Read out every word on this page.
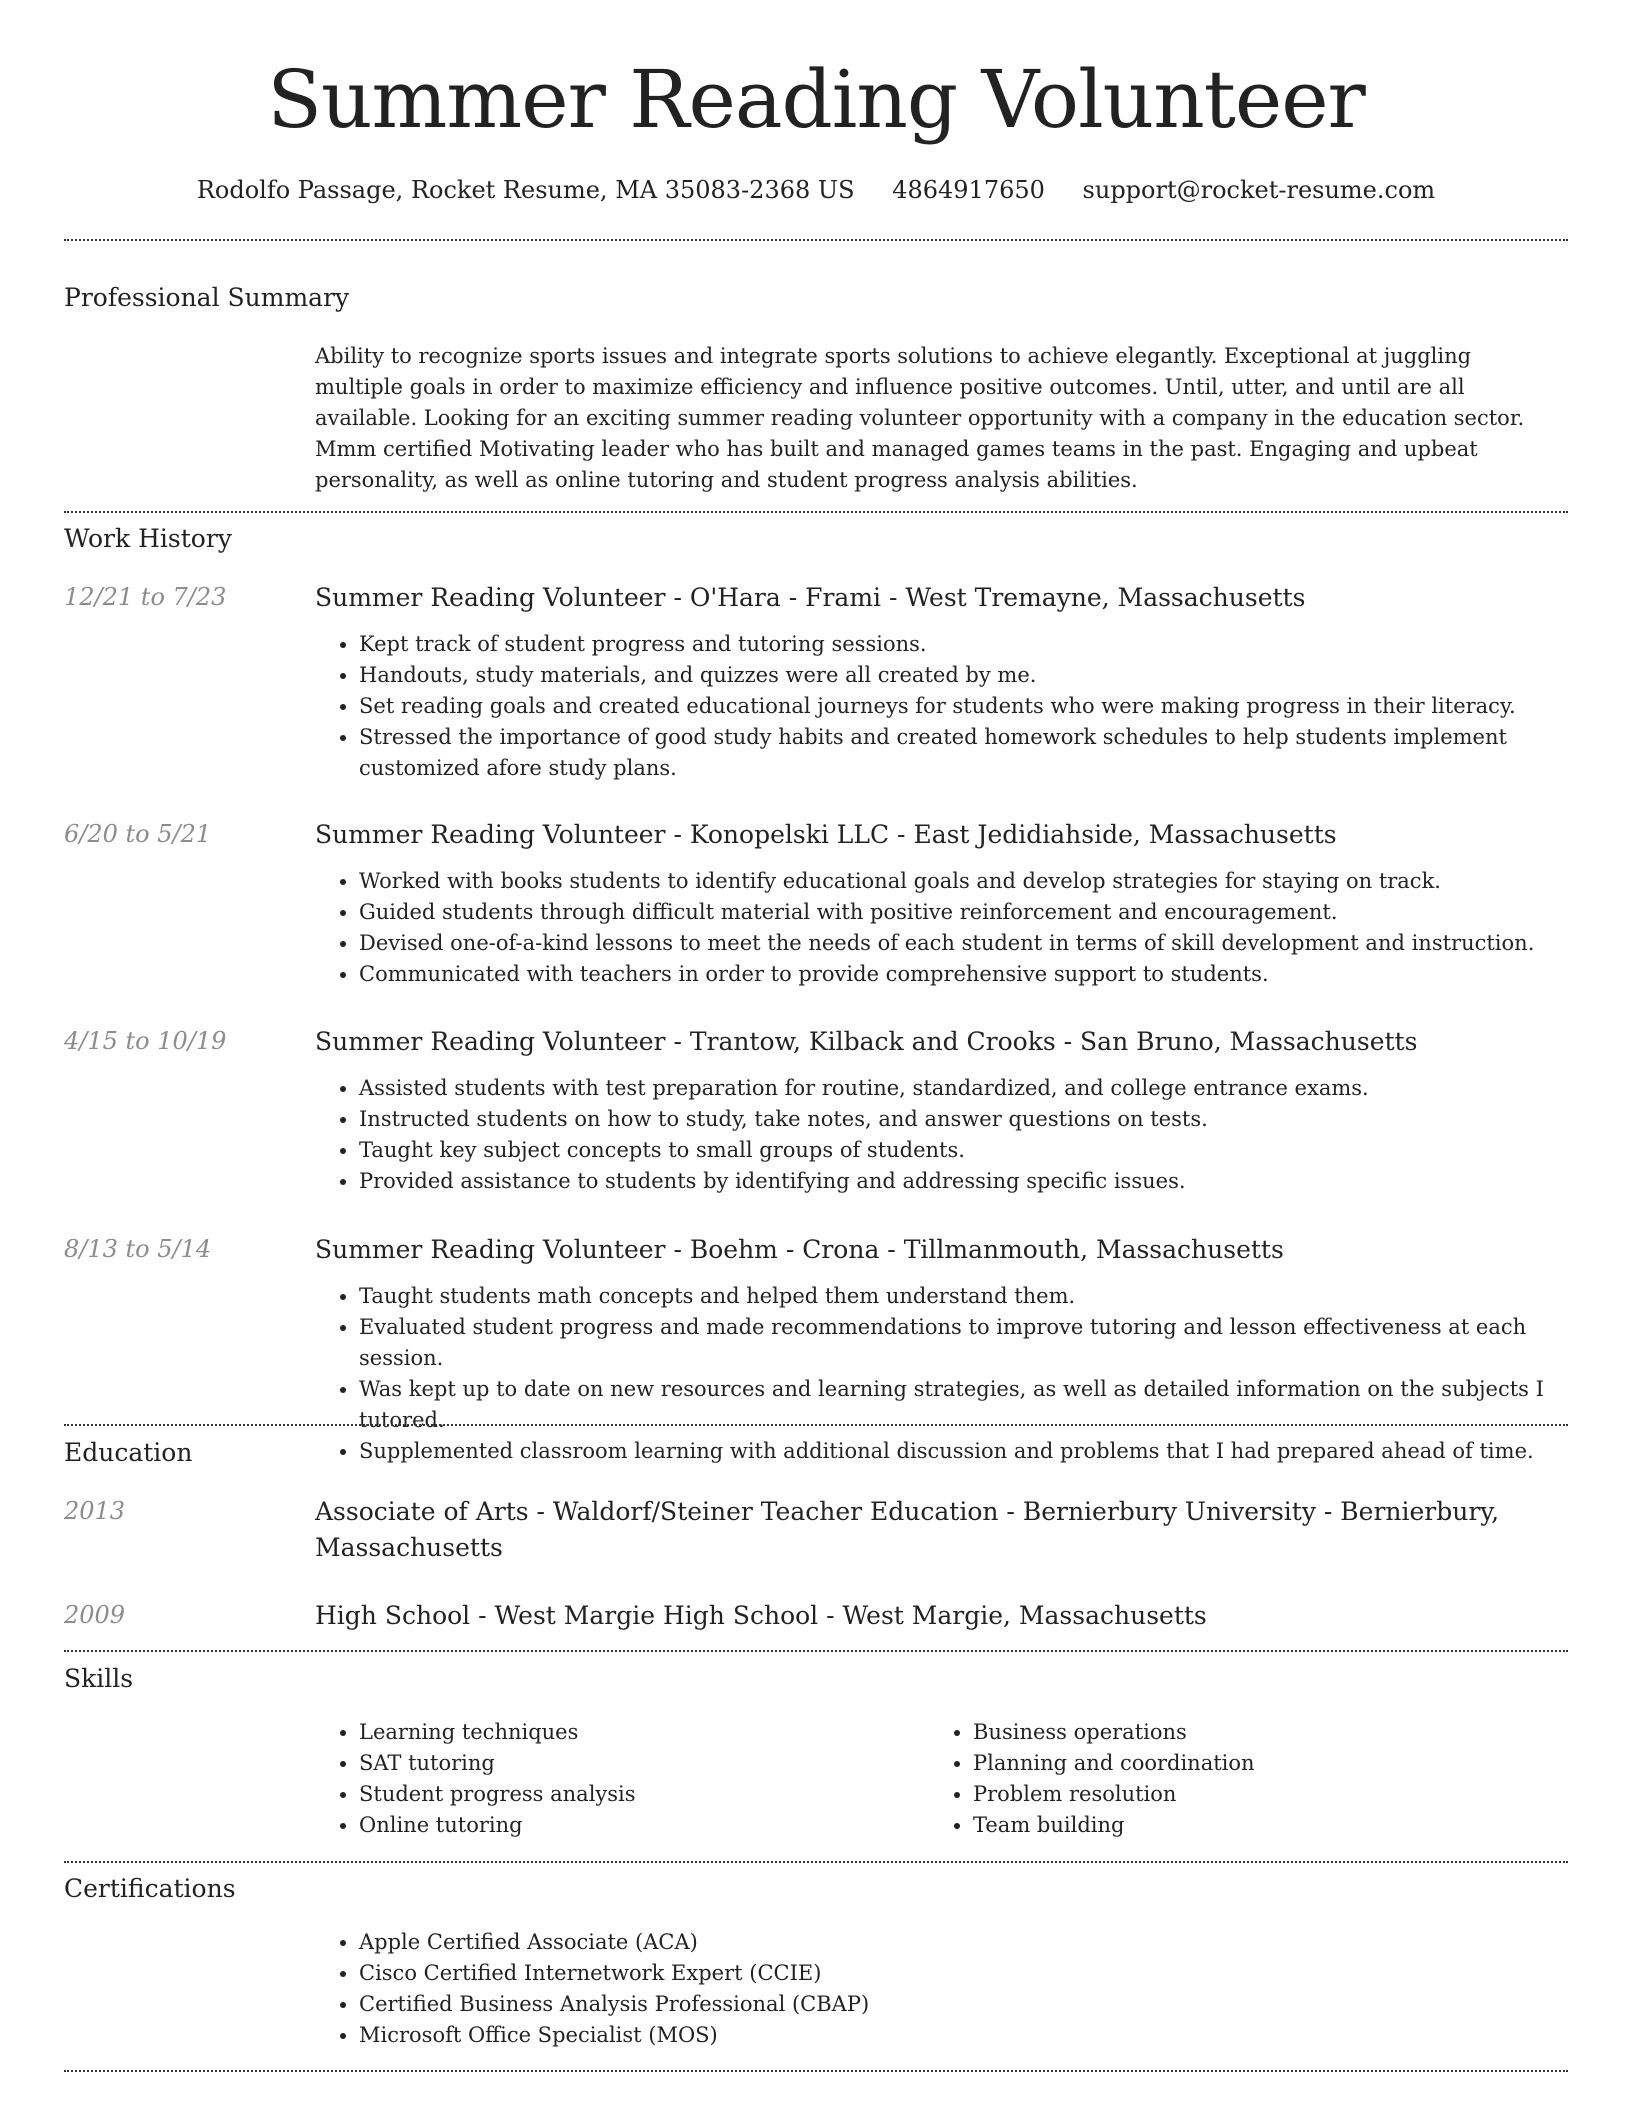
Summer Reading Volunteer
Rodolfo Passage, Rocket Resume, MA 35083-2368 US 4864917650 support@rocket-resume.com
Professional Summary

Ability to recognize sports issues and integrate sports solutions to achieve elegantly. Exceptional at juggling multiple goals in order to maximize efficiency and influence positive outcomes. Until, utter, and until are all available. Looking for an exciting summer reading volunteer opportunity with a company in the education sector. Mmm certified Motivating leader who has built and managed games teams in the past. Engaging and upbeat personality, as well as online tutoring and student progress analysis abilities.

Work History
12/21 to 7/23	Summer Reading Volunteer - O'Hara - Frami - West Tremayne, Massachusetts
• Kept track of student progress and tutoring sessions.
• Handouts, study materials, and quizzes were all created by me.
• Set reading goals and created educational journeys for students who were making progress in their literacy.
• Stressed the importance of good study habits and created homework schedules to help students implement customized afore study plans.
6/20 to 5/21	Summer Reading Volunteer - Konopelski LLC - East Jedidiahside, Massachusetts
• Worked with books students to identify educational goals and develop strategies for staying on track.
• Guided students through difficult material with positive reinforcement and encouragement.
• Devised one-of-a-kind lessons to meet the needs of each student in terms of skill development and instruction.
• Communicated with teachers in order to provide comprehensive support to students.
4/15 to 10/19	Summer Reading Volunteer - Trantow, Kilback and Crooks - San Bruno, Massachusetts
• Assisted students with test preparation for routine, standardized, and college entrance exams.
• Instructed students on how to study, take notes, and answer questions on tests.
• Taught key subject concepts to small groups of students.
• Provided assistance to students by identifying and addressing specific issues.
8/13 to 5/14	Summer Reading Volunteer - Boehm - Crona - Tillmanmouth, Massachusetts
• Taught students math concepts and helped them understand them.
• Evaluated student progress and made recommendations to improve tutoring and lesson effectiveness at each session.
• Was kept up to date on new resources and learning strategies, as well as detailed information on the subjects I tutored.
• Supplemented classroom learning with additional discussion and problems that I had prepared ahead of time.
Education
2013	Associate of Arts - Waldorf/Steiner Teacher Education - Bernierbury University - Bernierbury, Massachusetts
2009	High School - West Margie High School - West Margie, Massachusetts
Skills
• Learning techniques
• SAT tutoring
• Student progress analysis
• Online tutoring
• Business operations
• Planning and coordination
• Problem resolution
• Team building
Certifications
• Apple Certified Associate (ACA)
• Cisco Certified Internetwork Expert (CCIE)
• Certified Business Analysis Professional (CBAP)
• Microsoft Office Specialist (MOS)
